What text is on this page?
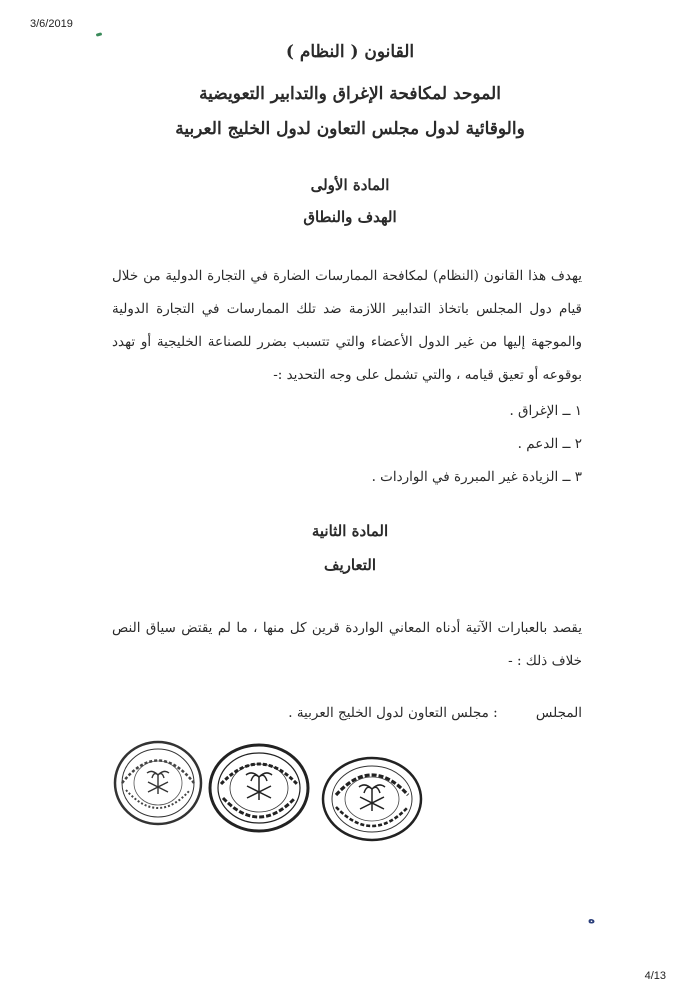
3/6/2019
القانون ( النظام )
الموحد لمكافحة الإغراق والتدابير التعويضية
والوقائية لدول مجلس التعاون لدول الخليج العربية
المادة الأولى
الهدف والنطاق
يهدف هذا القانون (النظام) لمكافحة الممارسات الضارة في التجارة الدولية من خلال قيام دول المجلس باتخاذ التدابير اللازمة ضد تلك الممارسات في التجارة الدولية والموجهة إليها من غير الدول الأعضاء والتي تتسبب بضرر للصناعة الخليجية أو تهدد بوقوعه أو تعيق قيامه ، والتي تشمل على وجه التحديد :-
١ ــ الإغراق .
٢ ــ الدعم .
٣ ــ الزيادة غير المبررة في الواردات .
المادة الثانية
التعاريف
يقصد بالعبارات الآتية أدناه المعاني الواردة قرين كل منها ، ما لم يقتض سياق النص خلاف ذلك : -
المجلس : مجلس التعاون لدول الخليج العربية .
ديوان رئاسة مجلس الوزراء · مركز الاتصالات الإدارية
ه
4/13
